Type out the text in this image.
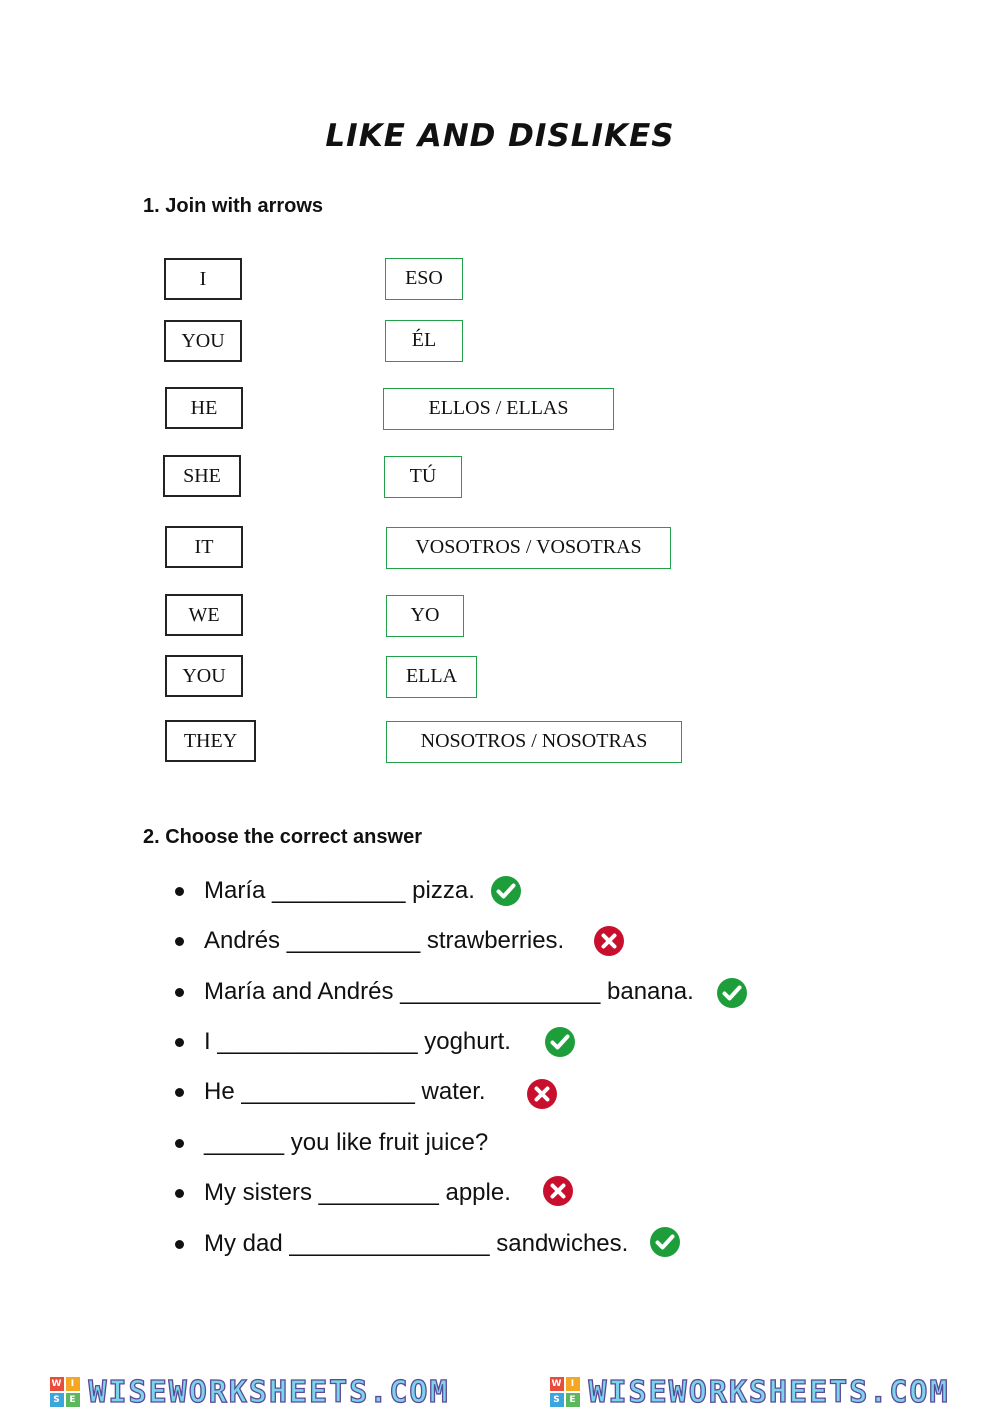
LIKE AND DISLIKES
1. Join with arrows
I
YOU
HE
SHE
IT
WE
YOU
THEY
ESO
ÉL
ELLOS / ELLAS
TÚ
VOSOTROS / VOSOTRAS
YO
ELLA
NOSOTROS / NOSOTRAS
2. Choose the correct answer
María __________ pizza.
Andrés __________ strawberries.
María and Andrés _______________ banana.
I _______________ yoghurt.
He _____________ water.
______ you like fruit juice?
My sisters _________ apple.
My dad _______________ sandwiches.
W I
S E WISEWORKSHEETS.COM	W I
S E WISEWORKSHEETS.COM
